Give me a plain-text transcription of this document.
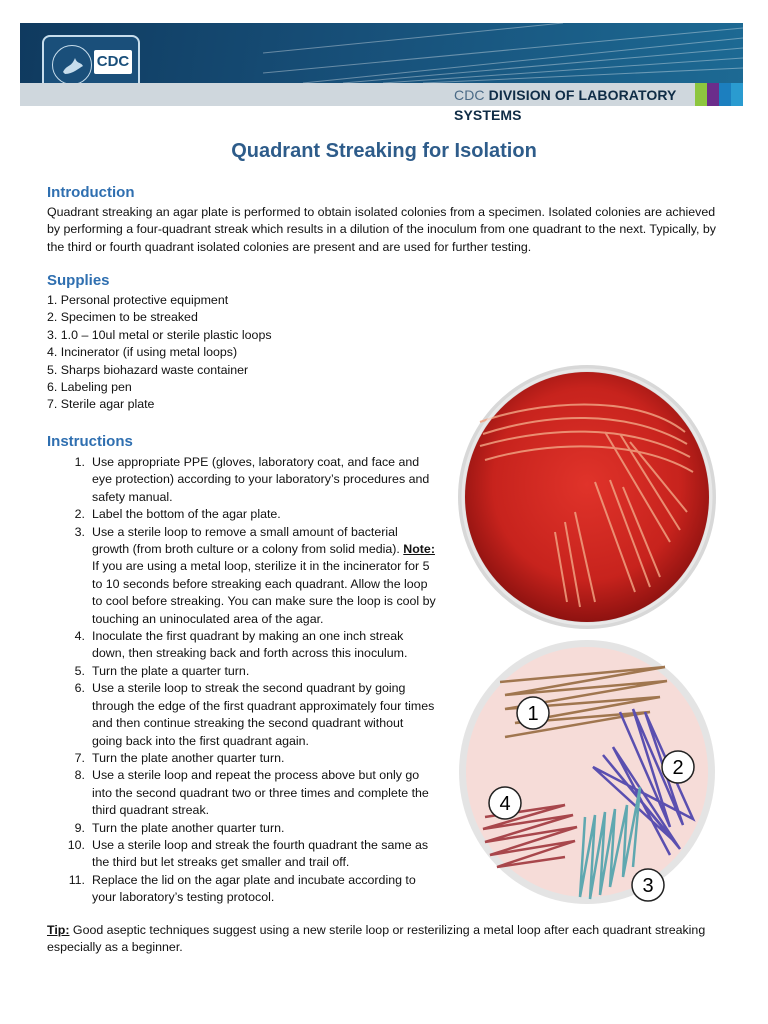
CDC
CDC DIVISION OF LABORATORY SYSTEMS
Quadrant Streaking for Isolation
Introduction
Quadrant streaking an agar plate is performed to obtain isolated colonies from a specimen. Isolated colonies are achieved by performing a four-quadrant streak which results in a dilution of the inoculum from one quadrant to the next. Typically, by the third or fourth quadrant isolated colonies are present and are used for further testing.
Supplies
1. Personal protective equipment
2. Specimen to be streaked
3. 1.0 – 10ul metal or sterile plastic loops
4. Incinerator (if using metal loops)
5. Sharps biohazard waste container
6. Labeling pen
7. Sterile agar plate
Instructions
1. Use appropriate PPE (gloves, laboratory coat, and face and eye protection) according to your laboratory’s procedures and safety manual.
2. Label the bottom of the agar plate.
3. Use a sterile loop to remove a small amount of bacterial growth (from broth culture or a colony from solid media). Note: If you are using a metal loop, sterilize it in the incinerator for 5 to 10 seconds before streaking each quadrant. Allow the loop to cool before streaking. You can make sure the loop is cool by touching an uninoculated area of the agar.
4. Inoculate the first quadrant by making an one inch streak down, then streaking back and forth across this inoculum.
5. Turn the plate a quarter turn.
6. Use a sterile loop to streak the second quadrant by going through the edge of the first quadrant approximately four times and then continue streaking the second quadrant without going back into the first quadrant again.
7. Turn the plate another quarter turn.
8. Use a sterile loop and repeat the process above but only go into the second quadrant two or three times and complete the third quadrant streak.
9. Turn the plate another quarter turn.
10. Use a sterile loop and streak the fourth quadrant the same as the third but let streaks get smaller and trail off.
11. Replace the lid on the agar plate and incubate according to your laboratory’s testing protocol.
Tip: Good aseptic techniques suggest using a new sterile loop or resterilizing a metal loop after each quadrant streaking especially as a beginner.
1
2
3
4
